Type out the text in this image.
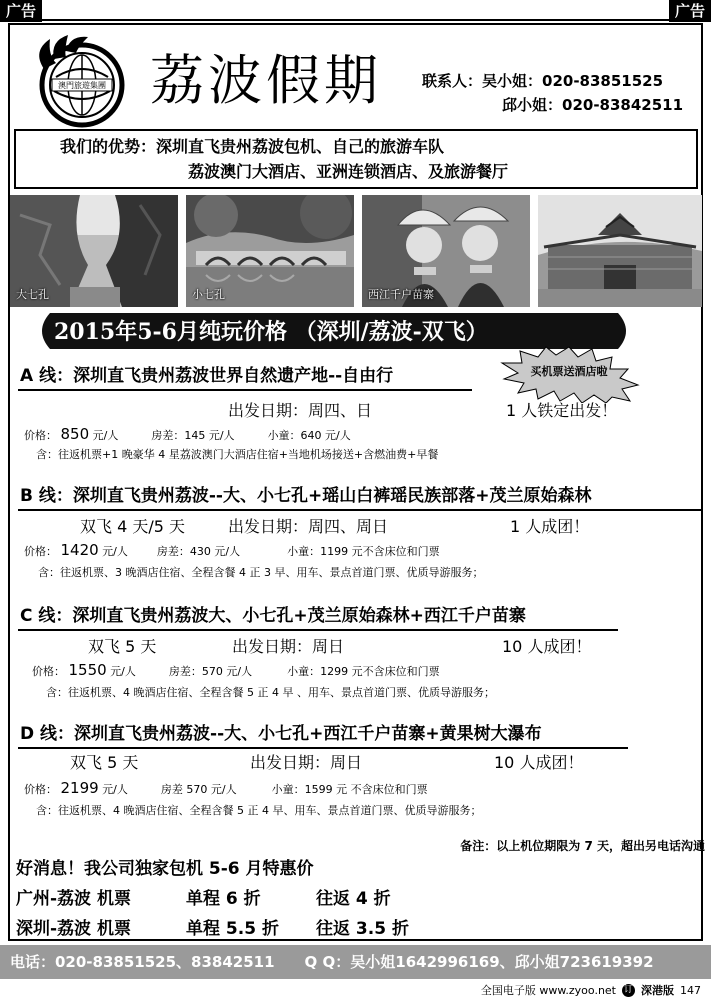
广告	广告
澳門旅遊集團 荔波假期	联系人：吴小姐： 020-83851525
邱小姐： 020-83842511
我们的优势：深圳直飞贵州荔波包机、自己的旅游车队
荔波澳门大酒店、亚洲连锁酒店、及旅游餐厅
大七孔	小七孔	西江千户苗寨
2015年5-6月纯玩价格 （深圳/荔波-双飞）
买机票送酒店啦
A 线：深圳直飞贵州荔波世界自然遗产地--自由行
出发日期：周四、日	1 人铁定出发！
价格： 850 元/人	房差：145 元/人	小童：640 元/人
含：往返机票+1 晚豪华 4 星荔波澳门大酒店住宿+当地机场接送+含燃油费+早餐
B 线：深圳直飞贵州荔波--大、小七孔+瑶山白裤瑶民族部落+茂兰原始森林
双飞 4 天/5 天	出发日期：周四、周日	1 人成团！
价格： 1420 元/人	房差：430 元/人	小童：1199 元不含床位和门票
含：往返机票、3 晚酒店住宿、全程含餐 4 正 3 早、用车、景点首道门票、优质导游服务；
C 线：深圳直飞贵州荔波大、小七孔+茂兰原始森林+西江千户苗寨
双飞 5 天	出发日期：周日	10 人成团！
价格： 1550 元/人	房差：570 元/人	小童：1299 元不含床位和门票
含：往返机票、4 晚酒店住宿、全程含餐 5 正 4 早 、用车、景点首道门票、优质导游服务；
D 线：深圳直飞贵州荔波--大、小七孔+西江千户苗寨+黄果树大瀑布
双飞 5 天	出发日期：周日	10 人成团！
价格： 2199 元/人	房差 570 元/人	小童：1599 元 不含床位和门票
含：往返机票、4 晚酒店住宿、全程含餐 5 正 4 早、用车、景点首道门票、优质导游服务；
备注：以上机位期限为 7 天，超出另电话沟通
好消息！我公司独家包机 5-6 月特惠价
广州-荔波 机票	单程 6 折	往返 4 折
深圳-荔波 机票	单程 5.5 折 往返 3.5 折
电话：020-83851525、83842511 Q Q：吴小姐1642996169、邱小姐723619392
全国电子版 www.zyoo.net 订 深港版 147
